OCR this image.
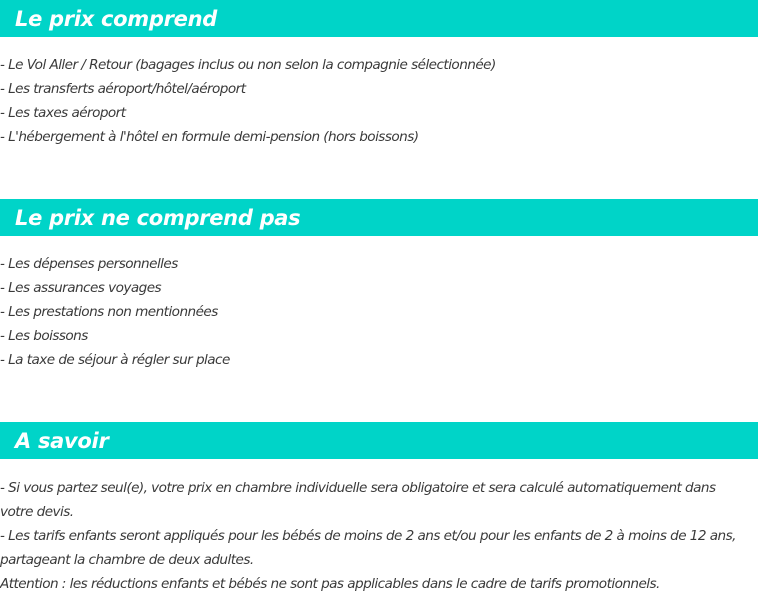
Le prix comprend
- Le Vol Aller / Retour (bagages inclus ou non selon la compagnie sélectionnée)
- Les transferts aéroport/hôtel/aéroport
- Les taxes aéroport
- L'hébergement à l'hôtel en formule demi-pension (hors boissons)
Le prix ne comprend pas
- Les dépenses personnelles
- Les assurances voyages
- Les prestations non mentionnées
- Les boissons
- La taxe de séjour à régler sur place
A savoir
- Si vous partez seul(e), votre prix en chambre individuelle sera obligatoire et sera calculé automatiquement dans votre devis.
- Les tarifs enfants seront appliqués pour les bébés de moins de 2 ans et/ou pour les enfants de 2 à moins de 12 ans, partageant la chambre de deux adultes.
Attention : les réductions enfants et bébés ne sont pas applicables dans le cadre de tarifs promotionnels.
